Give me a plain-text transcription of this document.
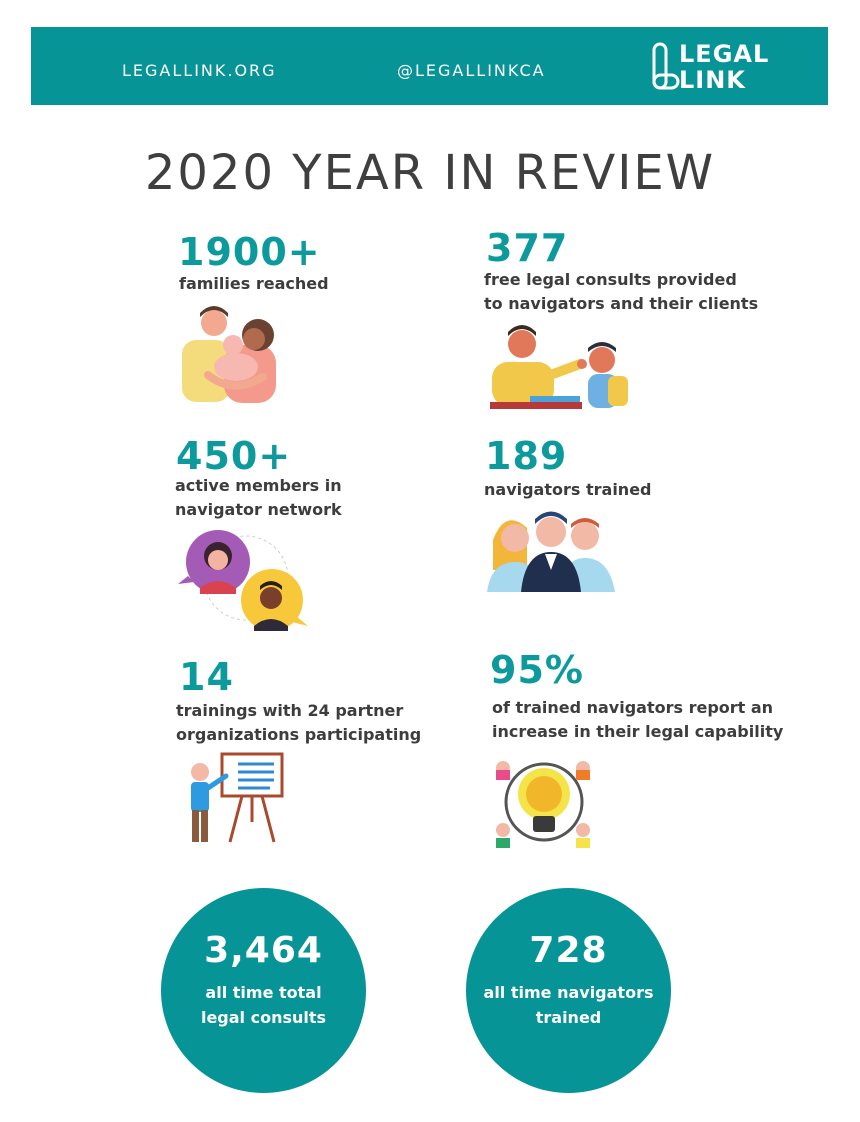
LEGALLINK.ORG	@LEGALLINKCA
LEGAL
LINK
2020 YEAR IN REVIEW
1900+
families reached
377
free legal consults provided
to navigators and their clients
450+
active members in
navigator network
189
navigators trained
14
trainings with 24 partner
organizations participating
95%
of trained navigators report an
increase in their legal capability
3,464
all time total
legal consults
728
all time navigators
trained
